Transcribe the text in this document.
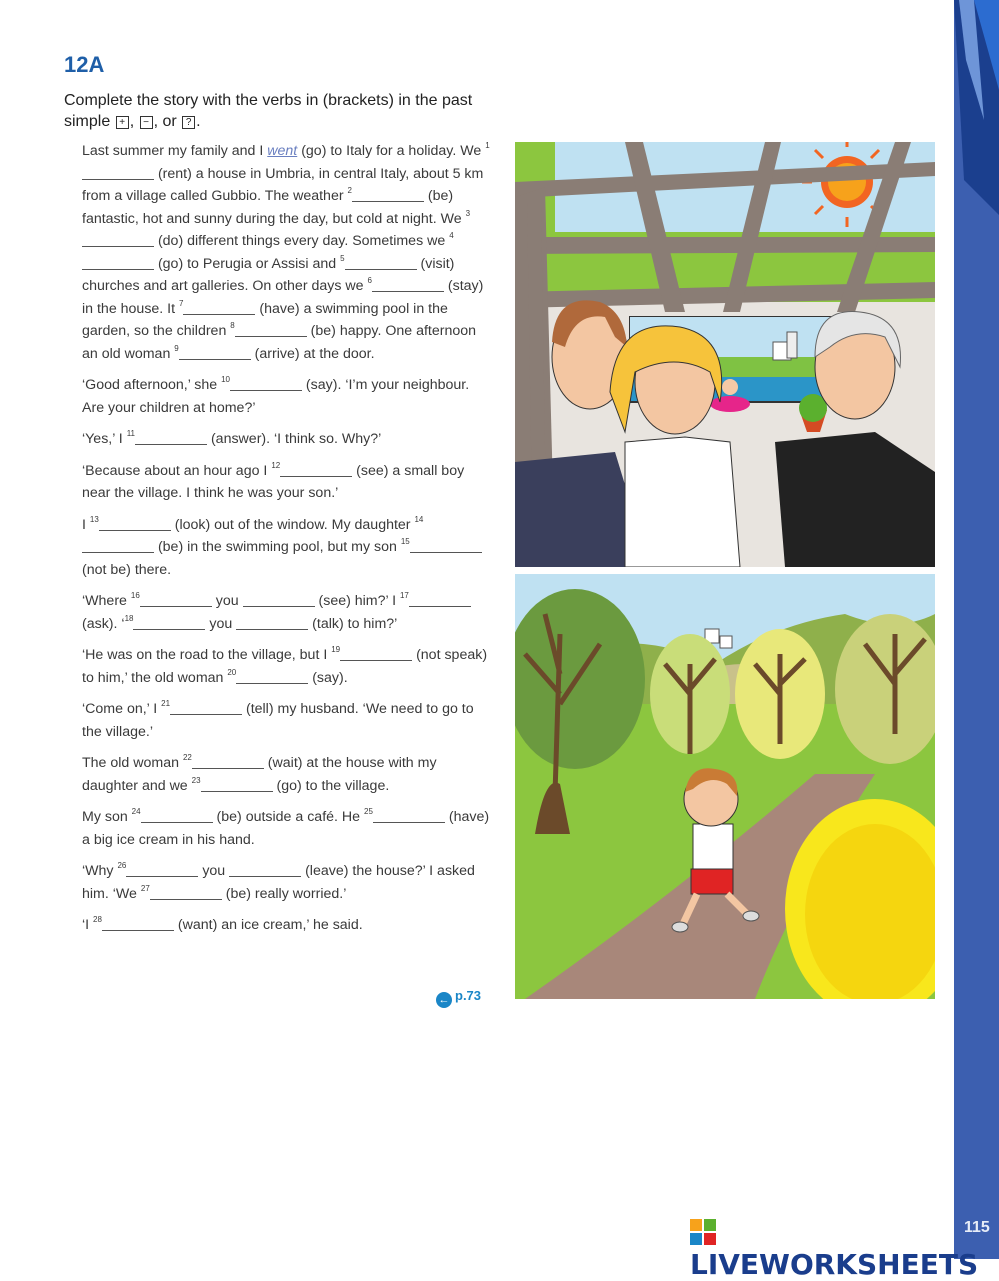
12A
Complete the story with the verbs in (brackets) in the past simple + , − , or ? .

Last summer my family and I went (go) to Italy for a holiday. We $^1$ (rent) a house in Umbria, in central Italy, about 5 km from a village called Gubbio. The weather $^2$	(be) fantastic, hot and sunny during the day, but cold at night. We $^3$ (do) different things every day. Sometimes we $^4$ (go) to Perugia or Assisi and $^5$	(visit) churches and art galleries. On other days we $^6$	(stay) in the house. It $^7$	(have) a swimming pool in the garden, so the children $^8$	(be) happy. One afternoon an old woman $^9$	(arrive) at the door.

‘Good afternoon,’ she $^{10}$	(say). ‘I’m your neighbour. Are your children at home?’

‘Yes,’ I $^{11}$	(answer). ‘I think so. Why?’

‘Because about an hour ago I $^{12}$	(see) a small boy near the village. I think he was your son.’

I $^{13}$	(look) out of the window. My daughter $^{14}$ (be) in the swimming pool, but my son $^{15}$ (not be) there.

‘Where $^{16}$	you	(see) him?’ I $^{17}$ (ask). ‘$^{18}$	you	(talk) to him?’

‘He was on the road to the village, but I $^{19}$	(not speak) to him,’ the old woman $^{20}$	(say).

‘Come on,’ I $^{21}$	(tell) my husband. ‘We need to go to the village.’

The old woman $^{22}$	(wait) at the house with my daughter and we $^{23}$	(go) to the village.

My son $^{24}$	(be) outside a café. He $^{25}$	(have) a big ice cream in his hand.

‘Why $^{26}$	you	(leave) the house?’ I asked him. ‘We $^{27}$	(be) really worried.’

‘I $^{28}$	(want) an ice cream,’ he said.

← p.73
LIVEWORKSHEETS
115
